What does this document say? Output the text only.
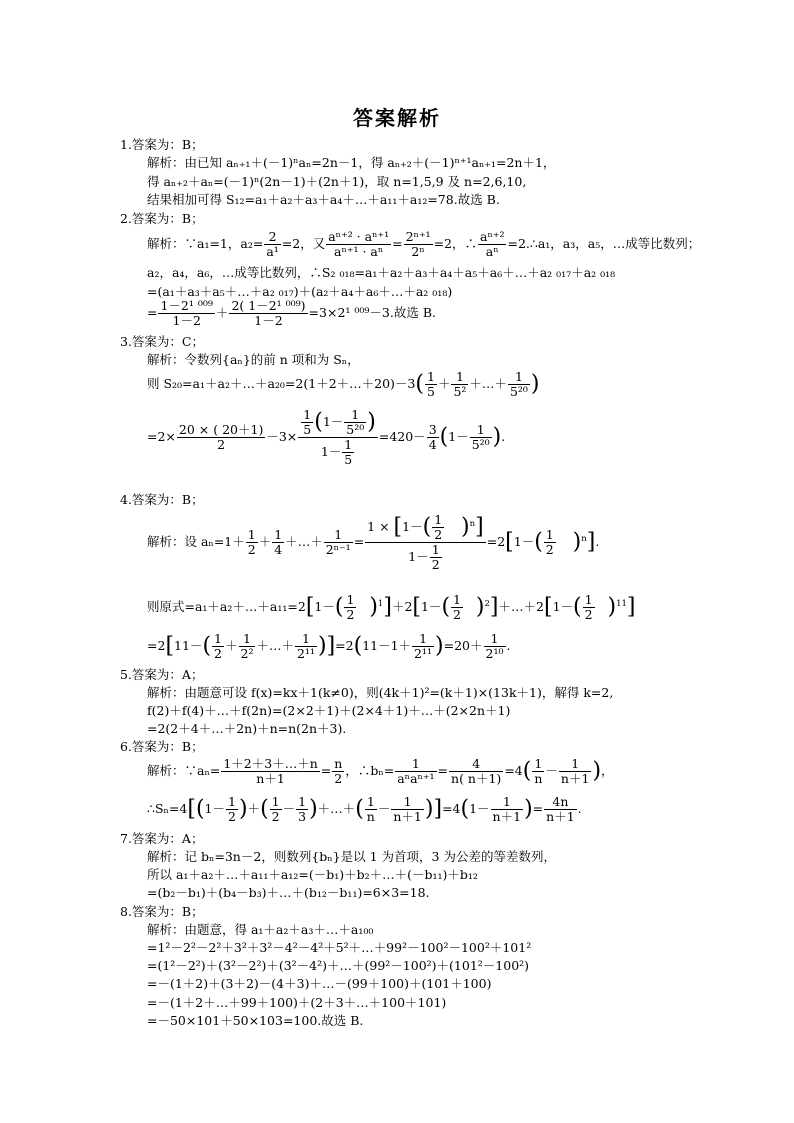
答案解析
1.答案为：B；
解析：由已知 aₙ₊₁＋(－1)ⁿaₙ=2n－1，得 aₙ₊₂＋(－1)ⁿ⁺¹aₙ₊₁=2n＋1，
得 aₙ₊₂＋aₙ=(－1)ⁿ(2n－1)＋(2n＋1)，取 n=1,5,9 及 n=2,6,10,
结果相加可得 S₁₂=a₁＋a₂＋a₃＋a₄＋…＋a₁₁＋a₁₂=78.故选 B.
2.答案为：B；
解析：∵a₁=1，$a_2= \frac{2}{\text{a¹}} =2$，又 $\frac{\text{aⁿ⁺² · aⁿ⁺¹}}{\text{aⁿ⁺¹ · aⁿ}} = \frac{\text{2ⁿ⁺¹}}{\text{2ⁿ}} =2$，∴ $\frac{\text{aⁿ⁺²}}{\text{aⁿ}}$ =2.∴a₁，a₃，a₅，…成等比数列；
a₂，a₄，a₆，…成等比数列，∴S₂ ₀₁₈=a₁＋a₂＋a₃＋a₄＋a₅＋a₆＋…＋a₂ ₀₁₇＋a₂ ₀₁₈
=(a₁＋a₃＋a₅＋…＋a₂ ₀₁₇)＋(a₂＋a₄＋a₆＋…＋a₂ ₀₁₈)
= $\frac{\text{1－2¹ ⁰⁰⁹}}{1-2} + \frac{\text{2( 1－2¹ ⁰⁰⁹)}}{1-2} =3\times 2^1$ ⁰⁰⁹－3.故选 B.
3.答案为：C；
解析：令数列{aₙ}的前 n 项和为 Sₙ，
则 S₂₀=a₁＋a₂＋…＋a₂₀=2(1＋2＋…＋20)－3( $\frac{1}{5} + \frac{1}{\text{5²}}$ ＋…＋ $\frac{1}{\text{5²⁰}}$ )
$=2\times \frac{20 \times ( 20+1)}{2} -3\times \frac{\frac{1}{5} (1- \frac{1}{\text{5²⁰}} )}{1- \frac{1}{5}} =420- \frac{3}{4} (1- \frac{1}{\text{5²⁰}}$ ).
4.答案为：B；
解析：设 $a_n=1+ \frac{1}{2} + \frac{1}{4}$ ＋…＋ $\frac{1}{\text{2ⁿ⁻¹}} = \frac{1 \times [1-( \frac{1}{2} )^n]}{1- \frac{1}{2}} =2[1-( \frac{1}{2} )^n]$.
则原式=a₁＋a₂＋…＋a₁₁=2[1－( $\frac{1}{2} )^1]+2[1-( \frac{1}{2}$ )$^2]+\dots+2[1-( \frac{1}{2} )^{11}]$
$=2[11-( \frac{1}{2} + \frac{1}{\text{2²}}$ ＋…＋ $\frac{1}{\text{2¹¹}} )]=2(11-1+ \frac{1}{\text{2¹¹}} )=20+ \frac{1}{\text{2¹⁰}}$ .
5.答案为：A；
解析：由题意可设 f(x)=kx＋1(k≠0)，则(4k＋1)²=(k＋1)×(13k＋1)，解得 k=2,
f(2)＋f(4)＋…＋f(2n)=(2×2＋1)＋(2×4＋1)＋…＋(2×2n＋1)
=2(2＋4＋…＋2n)＋n=n(2n＋3).
6.答案为：B；
解析：∵aₙ= $\frac{1+2+3+\dots+n}{n+1} = \frac{n}{2}$ ，∴bₙ= $\frac{1}{\text{aⁿaⁿ⁺¹}} = \frac{4}{n( n+1)} =4( \frac{1}{n} - \frac{1}{n+1}$ )，
∴Sₙ=4[(1－ $\frac{1}{2}$ )＋( $\frac{1}{2} - \frac{1}{3}$ )＋…＋( $\frac{1}{n} - \frac{1}{n+1} )]=4(1- \frac{1}{n+1}$ )= $\frac{4n}{n+1}$ .
7.答案为：A；
解析：记 bₙ=3n－2，则数列{bₙ}是以 1 为首项，3 为公差的等差数列，
所以 a₁＋a₂＋…＋a₁₁＋a₁₂=(－b₁)＋b₂＋…＋(－b₁₁)＋b₁₂
=(b₂－b₁)＋(b₄－b₃)＋…＋(b₁₂－b₁₁)=6×3=18.
8.答案为：B；
解析：由题意，得 a₁＋a₂＋a₃＋…＋a₁₀₀
=1²－2²－2²＋3²＋3²－4²－4²＋5²＋…＋99²－100²－100²＋101²
=(1²－2²)＋(3²－2²)＋(3²－4²)＋…＋(99²－100²)＋(101²－100²)
=－(1＋2)＋(3＋2)－(4＋3)＋…－(99＋100)＋(101＋100)
=－(1＋2＋…＋99＋100)＋(2＋3＋…＋100＋101)
=－50×101＋50×103=100.故选 B.
